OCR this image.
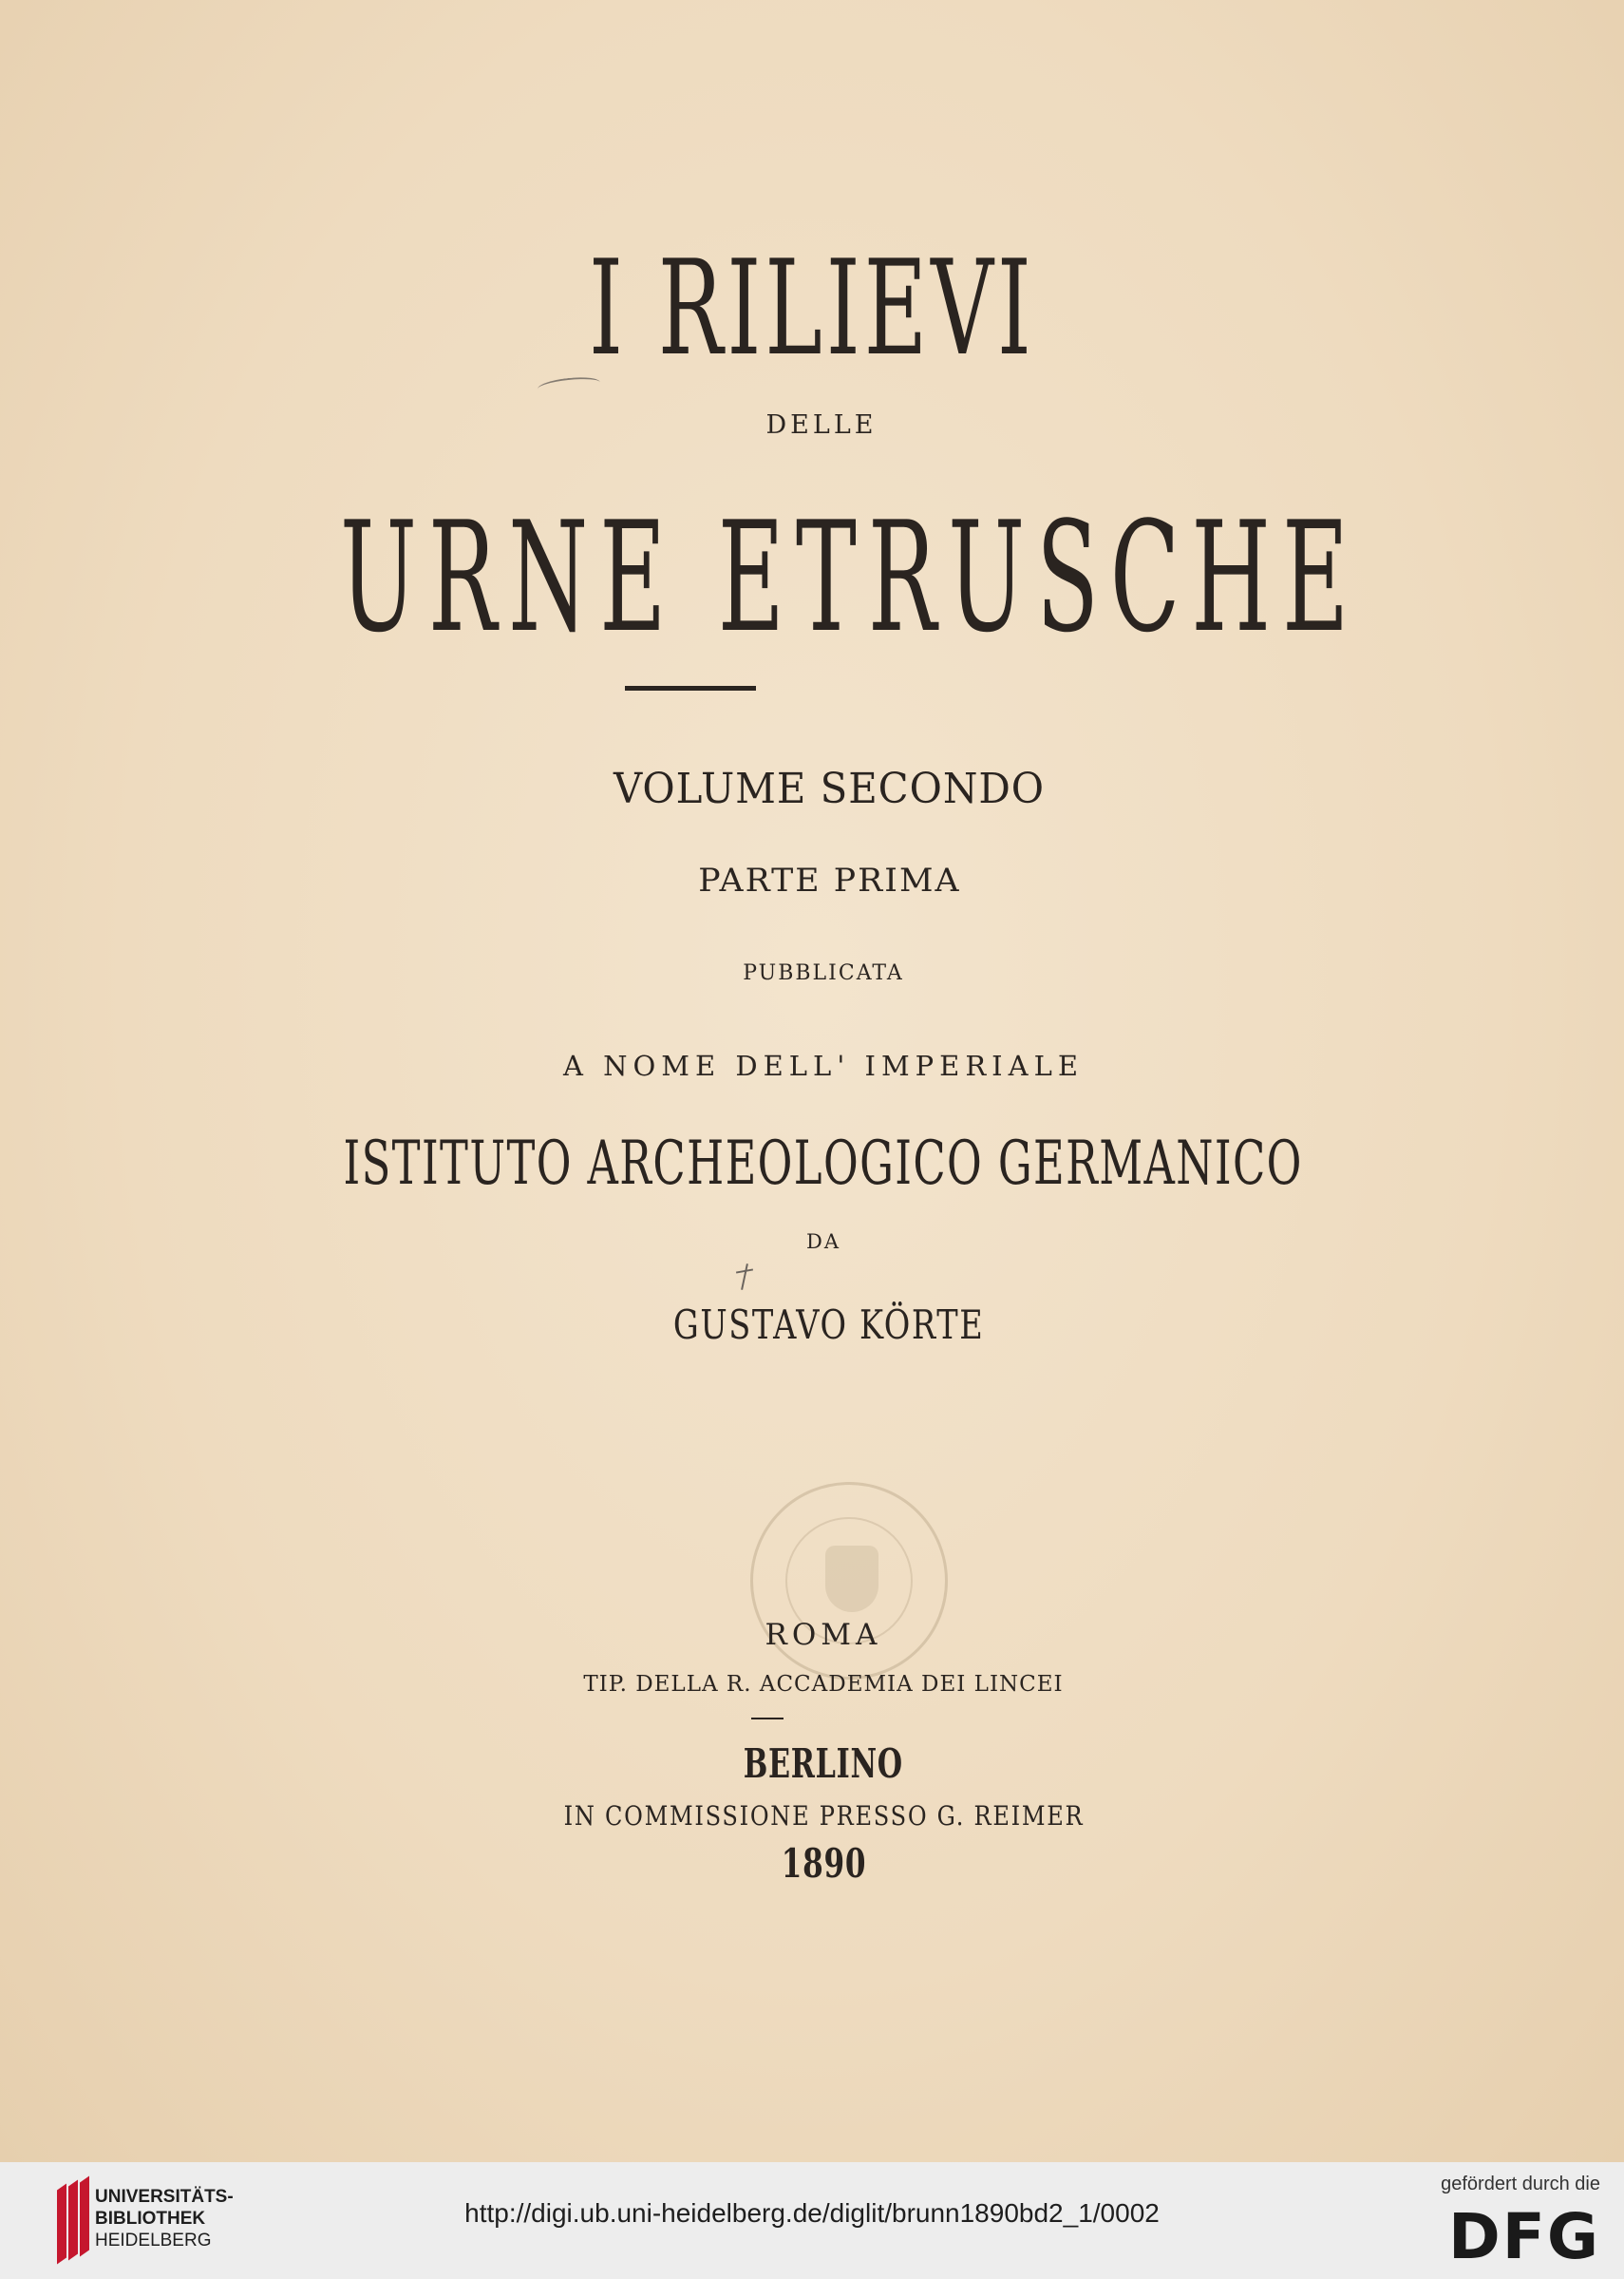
I RILIEVI
DELLE
URNE ETRUSCHE
VOLUME SECONDO
PARTE PRIMA
PUBBLICATA
A NOME DELL' IMPERIALE
ISTITUTO ARCHEOLOGICO GERMANICO
DA
GUSTAVO KÖRTE
ROMA
TIP. DELLA R. ACCADEMIA DEI LINCEI
BERLINO
IN COMMISSIONE PRESSO G. REIMER
1890
UNIVERSITÄTS-
BIBLIOTHEK
HEIDELBERG
http://digi.ub.uni-heidelberg.de/diglit/brunn1890bd2_1/0002
gefördert durch die
DFG
